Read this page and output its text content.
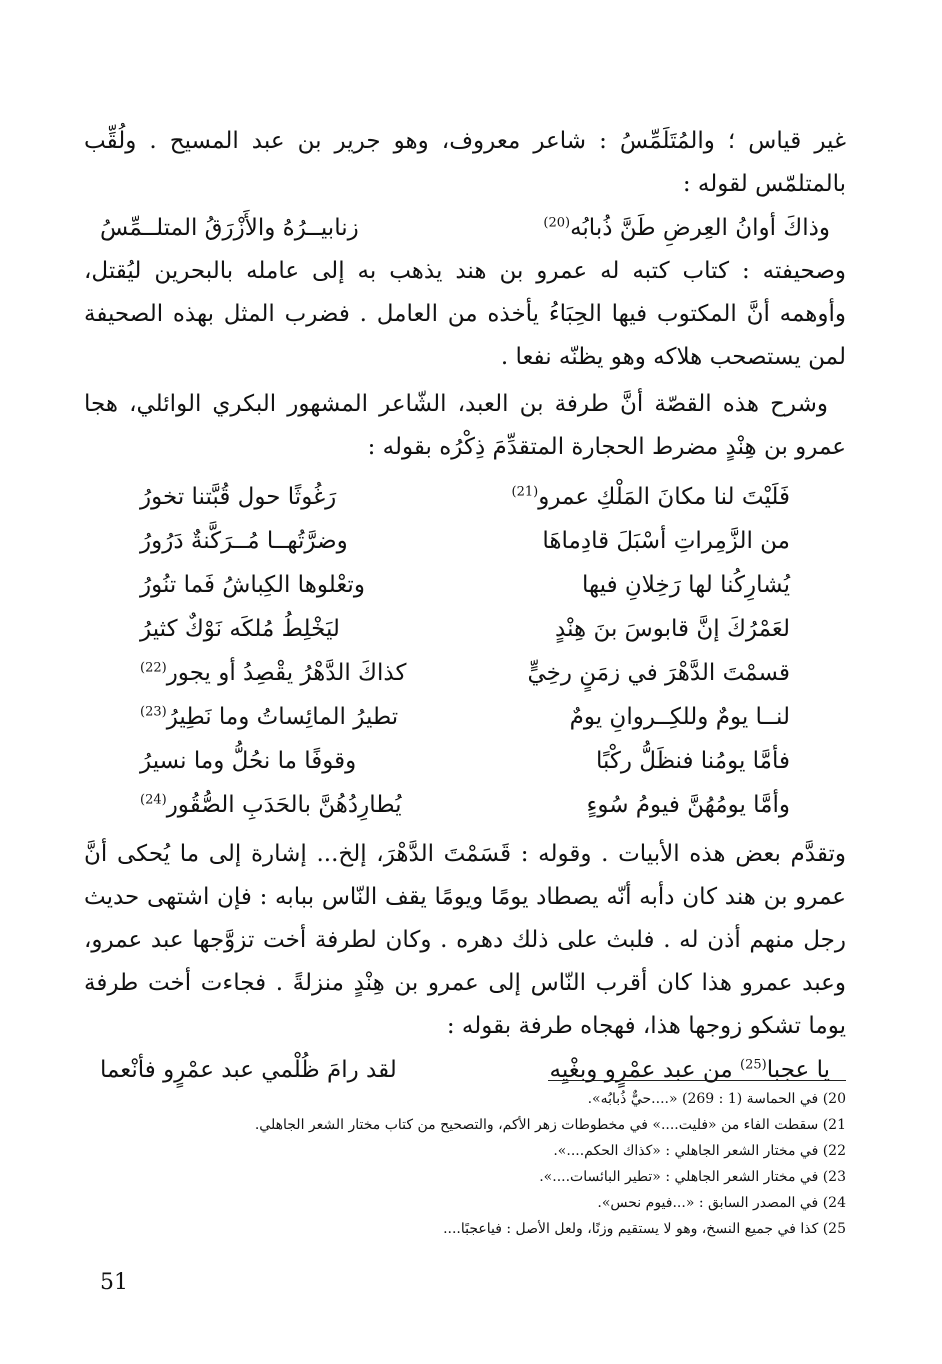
غير قياس ؛ والمُتَلَمِّسُ : شاعر معروف، وهو جرير بن عبد المسيح . ولُقِّب بالمتلمّس لقوله :

وذاكَ أوانُ العِرضِ طَنَّ ذُبابُه$^{(20)}$
زنابيــرُهُ والأَزْرَقُ المتلــمِّسُ

وصحيفته : كتاب كتبه له عمرو بن هند يذهب به إلى عامله بالبحرين ليُقتل، وأوهمه أنَّ المكتوب فيها الحِبَاءُ يأخذه من العامل . فضرب المثل بهذه الصحيفة لمن يستصحب هلاكه وهو يظنّه نفعا .

وشرح هذه القصّة أنَّ طرفة بن العبد، الشّاعر المشهور البكري الوائلي، هجا عمرو بن هِنْدٍ مضرط الحجارة المتقدِّمَ ذِكْرُه بقوله :

فَلَيْتَ لنا مكانَ المَلْكِ عمرو$^{(21)}$
رَغُوثًا حول قُبَّتنا تخورُ
من الزَّمِراتِ أسْبَلَ قادِماهَا
وضرَّتُهــا مُــرَكَّنةٌ دَرُورُ
يُشارِكُنا لها رَخِلانِ فيها
وتعْلوها الكِباشُ فَما تنُورُ
لعَمْرُكَ إنَّ قابوسَ بنَ هِنْدٍ
ليَخْلِطُ مُلكَه نَوْكٌ كثيرُ
قسمْتَ الدَّهْرَ في زمَنٍ رخِيٍّ
كذاكَ الدَّهْرُ يقْصِدُ أو يجور$^{(22)}$
لنــا يومٌ وللكِــروانِ يومٌ
تطيرُ المائِساتُ وما نَطِيرُ$^{(23)}$
فأمَّا يومُنا فنظَلُّ ركْبًا
وقوفًا ما نحُلُّ وما نسيرُ
وأمَّا يومُهُنَّ فيومُ سُوءٍ
يُطارِدُهُنَّ بالحَدَبِ الصُّقُور$^{(24)}$

وتقدَّم بعض هذه الأبيات . وقوله : قَسَمْتَ الدَّهْرَ، إلخ... إشارة إلى ما يُحكى أنَّ عمرو بن هند كان دأبه أنّه يصطاد يومًا ويومًا يقف النّاس ببابه : فإن اشتهى حديث رجل منهم أذن له . فلبث على ذلك دهره . وكان لطرفة أخت تزوَّجها عبد عمرو، وعبد عمرو هذا كان أقرب النّاس إلى عمرو بن هِنْدٍ منزلةً . فجاءت أخت طرفة يوما تشكو زوجها هذا، فهجاه طرفة بقوله :

يا عجبا$^{(25)}$ من عبد عمْرٍو وبغْيِه
لقد رامَ ظُلْمي عبد عمْرٍو فأنْعما

20) في الحماسة (1 : 269) «....حيٌّ ذُبابُه».

21) سقطت الفاء من «فليت....» في مخطوطات زهر الأكم، والتصحيح من كتاب مختار الشعر الجاهلي.

22) في مختار الشعر الجاهلي : «كذاك الحكم....».

23) في مختار الشعر الجاهلي : «تطير البائسات....».

24) في المصدر السابق : «...فيوم نحس».

25) كذا في جميع النسخ، وهو لا يستقيم وزنًا، ولعل الأصل : فياعجبًا....

51
